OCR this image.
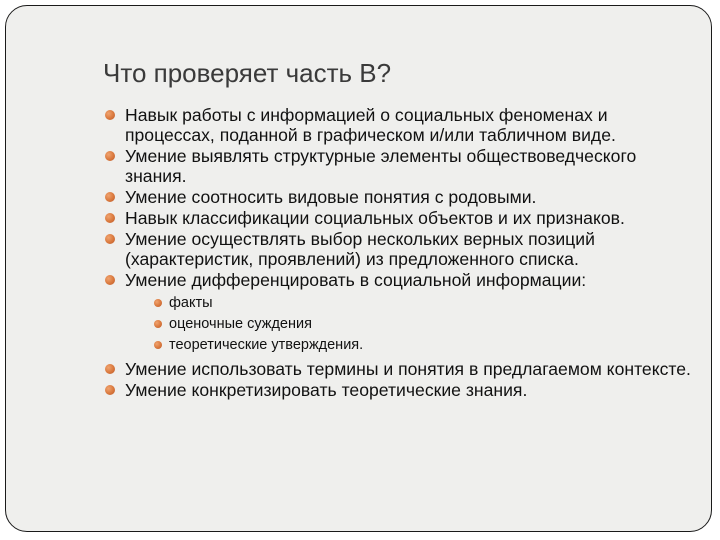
Что проверяет часть В?
Навык работы с информацией о социальных феноменах и процессах, поданной в графическом и/или табличном виде.
Умение выявлять структурные элементы обществоведческого знания.
Умение соотносить видовые понятия с родовыми.
Навык классификации социальных объектов и их признаков.
Умение осуществлять выбор нескольких верных позиций (характеристик, проявлений) из предложенного списка.
Умение дифференцировать в социальной информации:
факты
оценочные суждения
теоретические утверждения.
Умение использовать термины и понятия в предлагаемом контексте.
Умение конкретизировать теоретические знания.
